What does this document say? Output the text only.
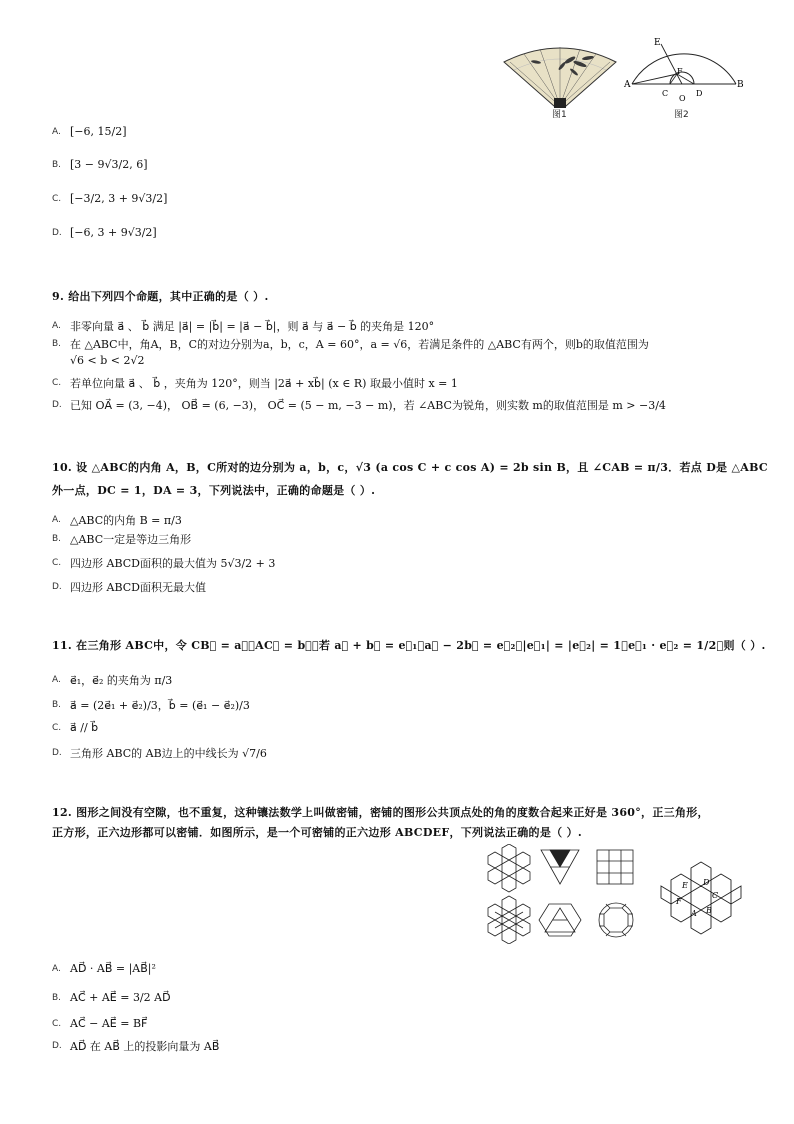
图1
E
A	B
C	D
F
O
图2
A. [−6, 15/2]
B. [3 − 9√3/2, 6]
C. [−3/2, 3 + 9√3/2]
D. [−6, 3 + 9√3/2]
9. 给出下列四个命题，其中正确的是（ ）.
A. 非零向量 a⃗ 、 b⃗ 满足 |a⃗| = |b⃗| = |a⃗ − b⃗|，则 a⃗ 与 a⃗ − b⃗ 的夹角是 120°
B. 在 △ABC中，角A，B，C的对边分别为a，b，c，A = 60°，a = √6，若满足条件的 △ABC有两个，则b的取值范围为
√6 < b < 2√2
C. 若单位向量 a⃗ 、 b⃗ ，夹角为 120°，则当 |2a⃗ + xb⃗| (x ∈ R) 取最小值时 x = 1
D. 已知 OA⃗ = (3, −4)， OB⃗ = (6, −3)， OC⃗ = (5 − m, −3 − m)，若 ∠ABC为锐角，则实数 m的取值范围是 m > −3/4
10. 设 △ABC的内角 A，B，C所对的边分别为 a，b，c，√3 (a cos C + c cos A) = 2b sin B，且 ∠CAB = π/3．若点 D是 △ABC
外一点，DC = 1，DA = 3，下列说法中，正确的命题是（ ）.
A. △ABC的内角 B = π/3
B. △ABC一定是等边三角形
C. 四边形 ABCD面积的最大值为 5√3/2 + 3
D. 四边形 ABCD面积无最大值
11. 在三角形 ABC中，令 CB⃗ = a⃗，AC⃗ = b⃗，若 a⃗ + b⃗ = e⃗₁，a⃗ − 2b⃗ = e⃗₂，|e⃗₁| = |e⃗₂| = 1，e⃗₁ · e⃗₂ = 1/2，则（ ）.
A. e⃗₁，e⃗₂ 的夹角为 π/3
B. a⃗ = (2e⃗₁ + e⃗₂)/3，b⃗ = (e⃗₁ − e⃗₂)/3
C. a⃗ // b⃗
D. 三角形 ABC的 AB边上的中线长为 √7/6
12. 图形之间没有空隙，也不重复，这种镶法数学上叫做密铺，密铺的图形公共顶点处的角的度数合起来正好是 360°，正三角形，
正方形，正六边形都可以密铺．如图所示，是一个可密铺的正六边形 ABCDEF，下列说法正确的是（ ）.
D
C
B
A
F
E
A. AD⃗ · AB⃗ = |AB⃗|²
B. AC⃗ + AE⃗ = 3/2 AD⃗
C. AC⃗ − AE⃗ = BF⃗
D. AD⃗ 在 AB⃗ 上的投影向量为 AB⃗
